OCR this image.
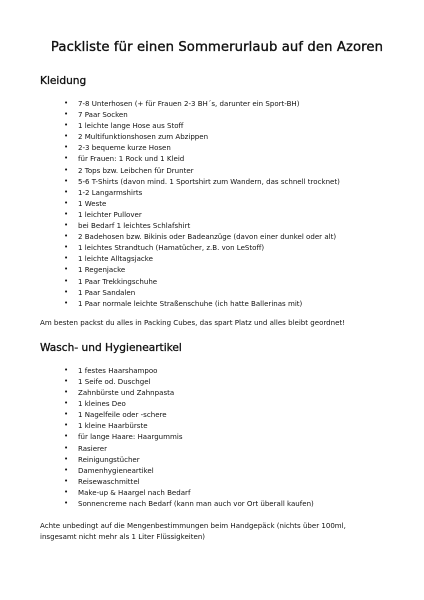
Packliste für einen Sommerurlaub auf den Azoren
Kleidung
• 7-8 Unterhosen (+ für Frauen 2-3 BH´s, darunter ein Sport-BH)
• 7 Paar Socken
• 1 leichte lange Hose aus Stoff
• 2 Multifunktionshosen zum Abzippen
• 2-3 bequeme kurze Hosen
• für Frauen: 1 Rock und 1 Kleid
• 2 Tops bzw. Leibchen für Drunter
• 5-6 T-Shirts (davon mind. 1 Sportshirt zum Wandern, das schnell trocknet)
• 1-2 Langarmshirts
• 1 Weste
• 1 leichter Pullover
• bei Bedarf 1 leichtes Schlafshirt
• 2 Badehosen bzw. Bikinis oder Badeanzüge (davon einer dunkel oder alt)
• 1 leichtes Strandtuch (Hamatücher, z.B. von LeStoff)
• 1 leichte Alltagsjacke
• 1 Regenjacke
• 1 Paar Trekkingschuhe
• 1 Paar Sandalen
• 1 Paar normale leichte Straßenschuhe (ich hatte Ballerinas mit)

Am besten packst du alles in Packing Cubes, das spart Platz und alles bleibt geordnet!

Wasch- und Hygieneartikel
• 1 festes Haarshampoo
• 1 Seife od. Duschgel
• Zahnbürste und Zahnpasta
• 1 kleines Deo
• 1 Nagelfeile oder -schere
• 1 kleine Haarbürste
• für lange Haare: Haargummis
• Rasierer
• Reinigungstücher
• Damenhygieneartikel
• Reisewaschmittel
• Make-up & Haargel nach Bedarf
• Sonnencreme nach Bedarf (kann man auch vor Ort überall kaufen)

Achte unbedingt auf die Mengenbestimmungen beim Handgepäck (nichts über 100ml,
insgesamt nicht mehr als 1 Liter Flüssigkeiten)
